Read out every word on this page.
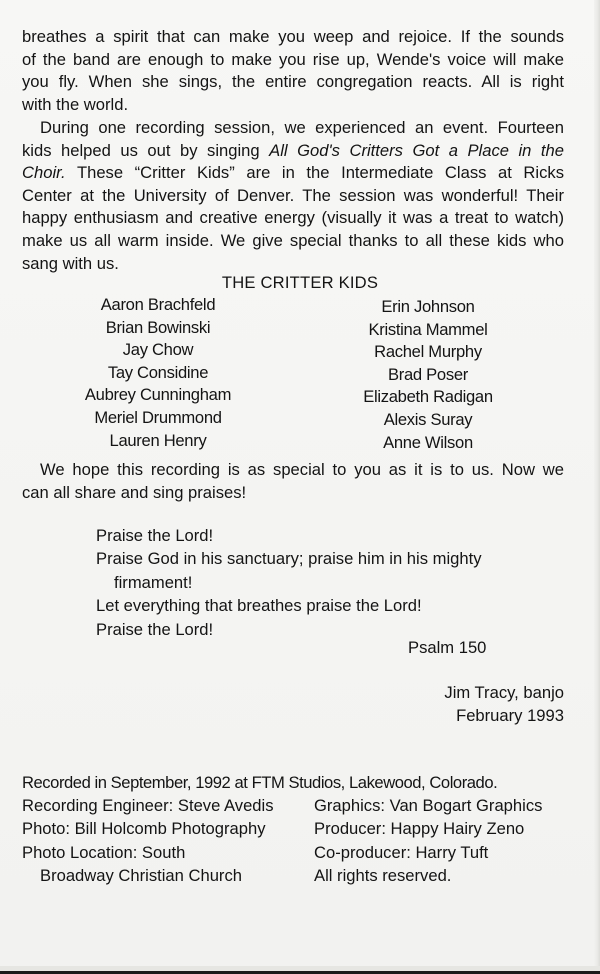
breathes a spirit that can make you weep and rejoice. If the sounds
of the band are enough to make you rise up, Wende's voice will make
you fly. When she sings, the entire congregation reacts. All is right
with the world.

During one recording session, we experienced an event. Fourteen
kids helped us out by singing All God's Critters Got a Place in the
Choir. These “Critter Kids” are in the Intermediate Class at Ricks
Center at the University of Denver. The session was wonderful! Their
happy enthusiasm and creative energy (visually it was a treat to watch)
make us all warm inside. We give special thanks to all these kids who
sang with us.

THE CRITTER KIDS

Aaron Brachfeld
Brian Bowinski
Jay Chow
Tay Considine
Aubrey Cunningham
Meriel Drummond
Lauren Henry
Erin Johnson
Kristina Mammel
Rachel Murphy
Brad Poser
Elizabeth Radigan
Alexis Suray
Anne Wilson

We hope this recording is as special to you as it is to us. Now we
can all share and sing praises!

Praise the Lord!
Praise God in his sanctuary; praise him in his mighty
firmament!
Let everything that breathes praise the Lord!
Praise the Lord!

Psalm 150

Jim Tracy, banjo
February 1993

Recorded in September, 1992 at FTM Studios, Lakewood, Colorado.

Recording Engineer: Steve Avedis
Photo: Bill Holcomb Photography
Photo Location: South
Broadway Christian Church
Graphics: Van Bogart Graphics
Producer: Happy Hairy Zeno
Co-producer: Harry Tuft
All rights reserved.
